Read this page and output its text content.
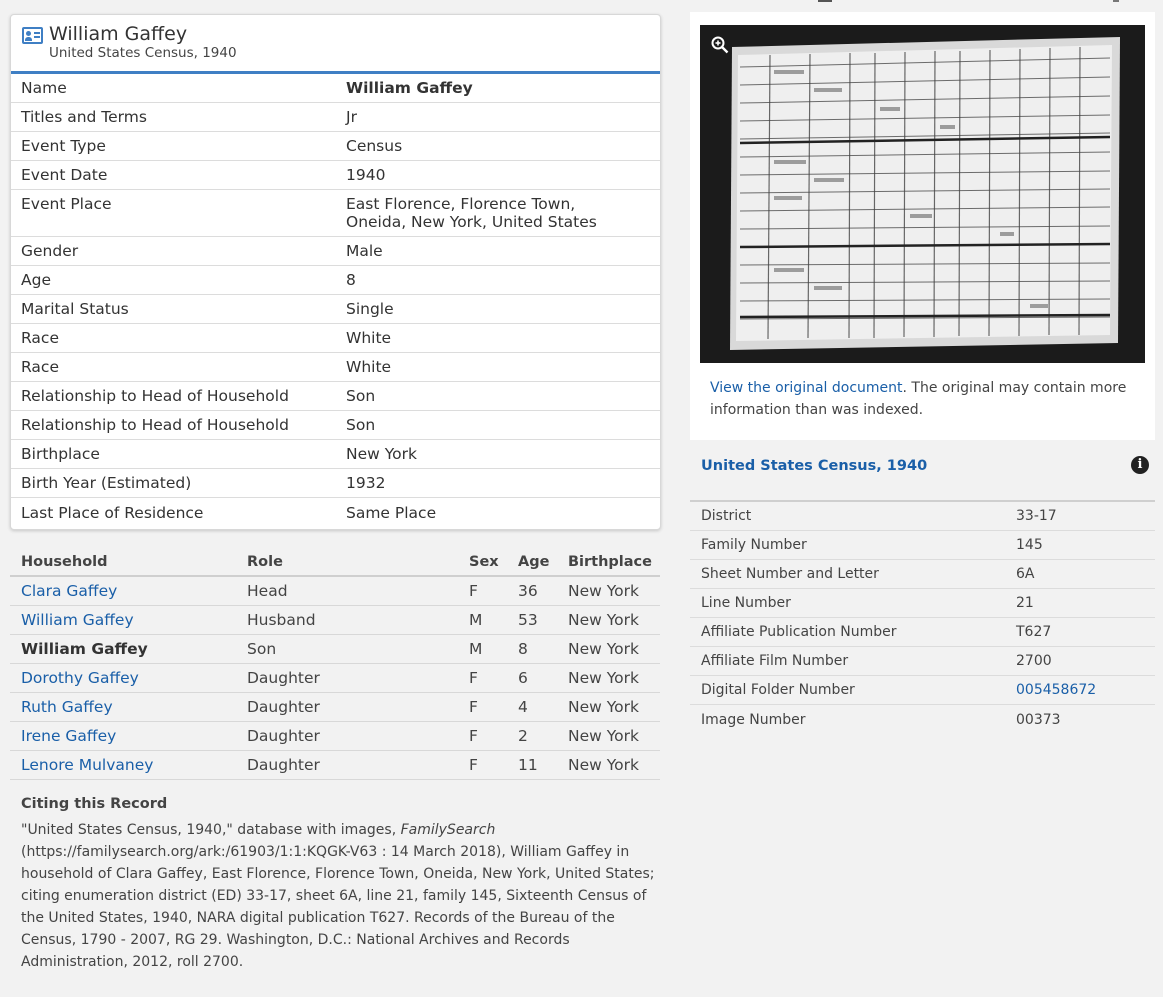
William Gaffey
United States Census, 1940
Name	William Gaffey
Titles and Terms	Jr
Event Type	Census
Event Date	1940
Event Place	East Florence, Florence Town, Oneida, New York, United States
Gender	Male
Age	8
Marital Status	Single
Race	White
Race	White
Relationship to Head of Household	Son
Relationship to Head of Household	Son
Birthplace	New York
Birth Year (Estimated)	1932
Last Place of Residence	Same Place
Household	Role	Sex	Age	Birthplace
Clara Gaffey	Head	F	36	New York
William Gaffey	Husband	M	53	New York
William Gaffey	Son	M	8	New York
Dorothy Gaffey	Daughter	F	6	New York
Ruth Gaffey	Daughter	F	4	New York
Irene Gaffey	Daughter	F	2	New York
Lenore Mulvaney	Daughter	F	11	New York
Citing this Record
"United States Census, 1940," database with images, FamilySearch (https://familysearch.org/ark:/61903/1:1:KQGK-V63 : 14 March 2018), William Gaffey in household of Clara Gaffey, East Florence, Florence Town, Oneida, New York, United States; citing enumeration district (ED) 33-17, sheet 6A, line 21, family 145, Sixteenth Census of the United States, 1940, NARA digital publication T627. Records of the Bureau of the Census, 1790 - 2007, RG 29. Washington, D.C.: National Archives and Records Administration, 2012, roll 2700.
View the original document. The original may contain more information than was indexed.
United States Census, 1940	i
District	33-17
Family Number	145
Sheet Number and Letter	6A
Line Number	21
Affiliate Publication Number	T627
Affiliate Film Number	2700
Digital Folder Number	005458672
Image Number	00373
